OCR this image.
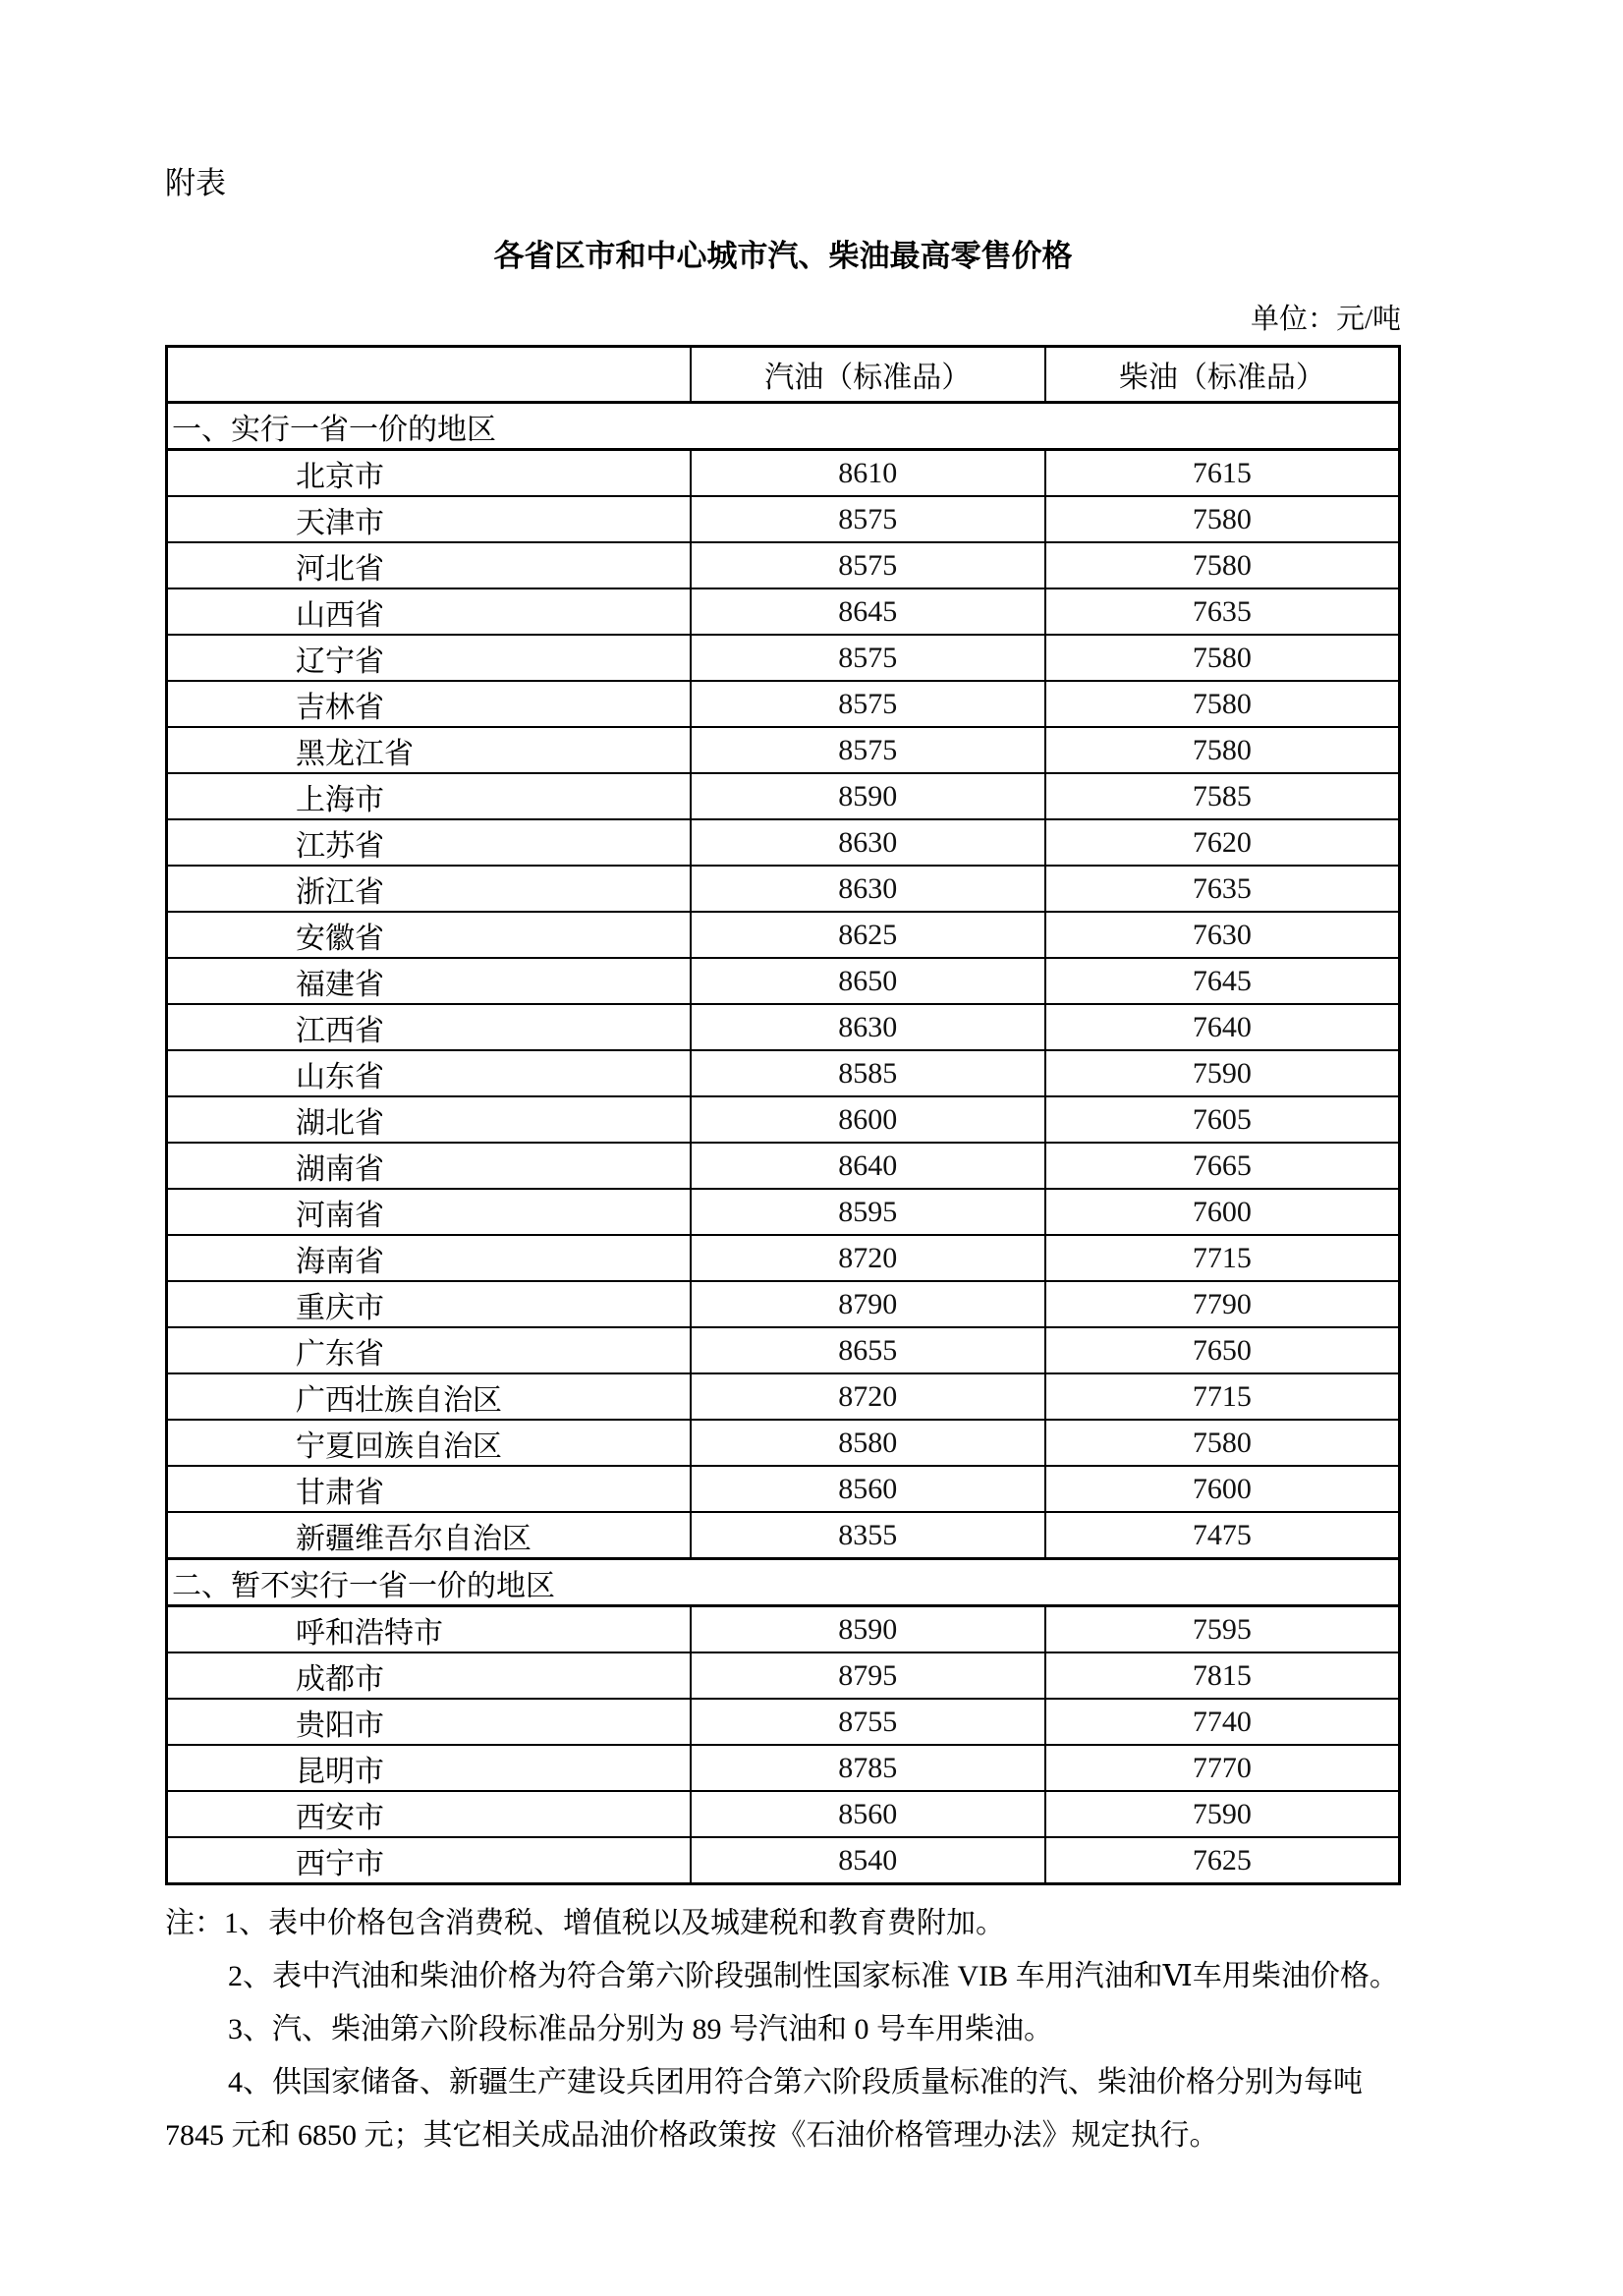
附表

各省区市和中心城市汽、柴油最高零售价格

单位：元/吨

	汽油（标准品）	柴油（标准品）
一、实行一省一价的地区		
北京市	8610	7615
天津市	8575	7580
河北省	8575	7580
山西省	8645	7635
辽宁省	8575	7580
吉林省	8575	7580
黑龙江省	8575	7580
上海市	8590	7585
江苏省	8630	7620
浙江省	8630	7635
安徽省	8625	7630
福建省	8650	7645
江西省	8630	7640
山东省	8585	7590
湖北省	8600	7605
湖南省	8640	7665
河南省	8595	7600
海南省	8720	7715
重庆市	8790	7790
广东省	8655	7650
广西壮族自治区	8720	7715
宁夏回族自治区	8580	7580
甘肃省	8560	7600
新疆维吾尔自治区	8355	7475
二、暂不实行一省一价的地区		
呼和浩特市	8590	7595
成都市	8795	7815
贵阳市	8755	7740
昆明市	8785	7770
西安市	8560	7590
西宁市	8540	7625

注：1、表中价格包含消费税、增值税以及城建税和教育费附加。

2、表中汽油和柴油价格为符合第六阶段强制性国家标准 VIB 车用汽油和Ⅵ车用柴油价格。

3、汽、柴油第六阶段标准品分别为 89 号汽油和 0 号车用柴油。

4、供国家储备、新疆生产建设兵团用符合第六阶段质量标准的汽、柴油价格分别为每吨 7845 元和 6850 元；其它相关成品油价格政策按《石油价格管理办法》规定执行。
